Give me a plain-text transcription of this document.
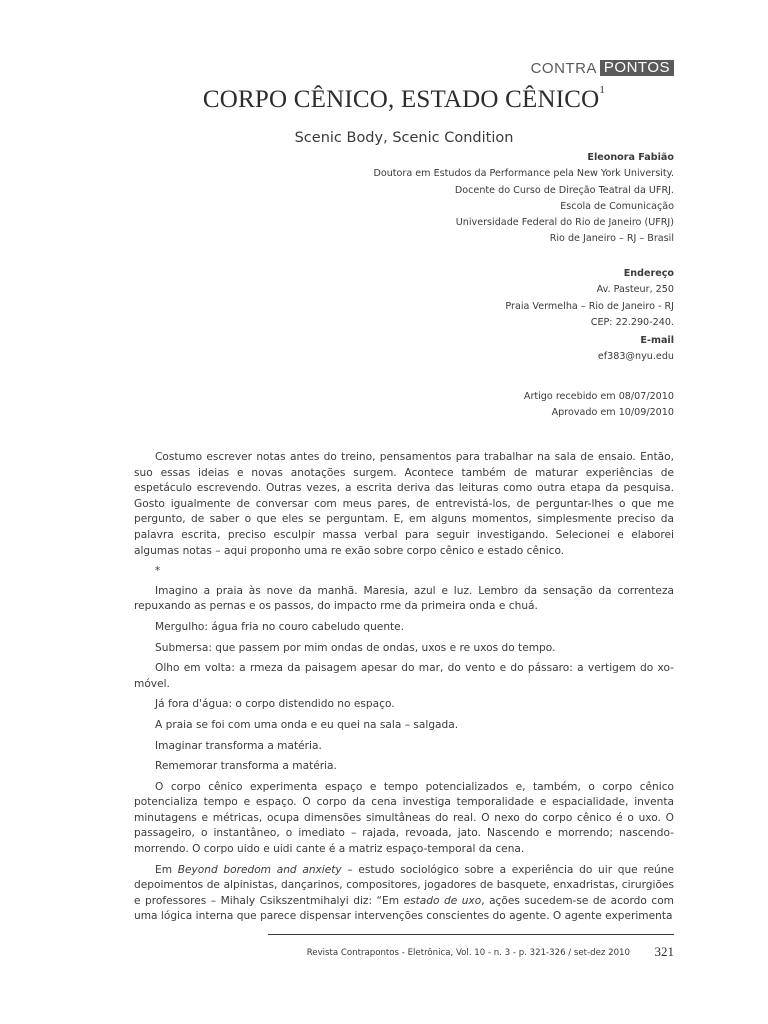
CONTRA PONTOS
CORPO CÊNICO, ESTADO CÊNICO$^1$
Scenic Body, Scenic Condition
Eleonora Fabião
Doutora em Estudos da Performance pela New York University.
Docente do Curso de Direção Teatral da UFRJ.
Escola de Comunicação
Universidade Federal do Rio de Janeiro (UFRJ)
Rio de Janeiro – RJ – Brasil
Endereço
Av. Pasteur, 250
Praia Vermelha – Rio de Janeiro - RJ
CEP: 22.290-240.
E-mail
ef383@nyu.edu
Artigo recebido em 08/07/2010
Aprovado em 10/09/2010

Costumo escrever notas antes do treino, pensamentos para trabalhar na sala de ensaio. Então, suo essas ideias e novas anotações surgem. Acontece também de maturar experiências de espetáculo escrevendo. Outras vezes, a escrita deriva das leituras como outra etapa da pesquisa. Gosto igualmente de conversar com meus pares, de entrevistá-los, de perguntar-lhes o que me pergunto, de saber o que eles se perguntam. E, em alguns momentos, simplesmente preciso da palavra escrita, preciso esculpir massa verbal para seguir investigando. Selecionei e elaborei algumas notas – aqui proponho uma re exão sobre corpo cênico e estado cênico.

*

Imagino a praia às nove da manhã. Maresia, azul e luz. Lembro da sensação da correnteza repuxando as pernas e os passos, do impacto rme da primeira onda e chuá.

Mergulho: água fria no couro cabeludo quente.

Submersa: que passem por mim ondas de ondas, uxos e re uxos do tempo.

Olho em volta: a rmeza da paisagem apesar do mar, do vento e do pássaro: a vertigem do xo-móvel.

Já fora d'água: o corpo distendido no espaço.

A praia se foi com uma onda e eu quei na sala – salgada.

Imaginar transforma a matéria.

Rememorar transforma a matéria.

O corpo cênico experimenta espaço e tempo potencializados e, também, o corpo cênico potencializa tempo e espaço. O corpo da cena investiga temporalidade e espacialidade, inventa minutagens e métricas, ocupa dimensões simultâneas do real. O nexo do corpo cênico é o uxo. O passageiro, o instantâneo, o imediato – rajada, revoada, jato. Nascendo e morrendo; nascendo-morrendo. O corpo uido e uidi cante é a matriz espaço-temporal da cena.

Em Beyond boredom and anxiety – estudo sociológico sobre a experiência do uir que reúne depoimentos de alpinistas, dançarinos, compositores, jogadores de basquete, enxadristas, cirurgiões e professores – Mihaly Csikszentmihalyi diz: “Em estado de uxo, ações sucedem-se de acordo com uma lógica interna que parece dispensar intervenções conscientes do agente. O agente experimenta

Revista Contrapontos - Eletrônica, Vol. 10 - n. 3 - p. 321-326 / set-dez 2010 321
